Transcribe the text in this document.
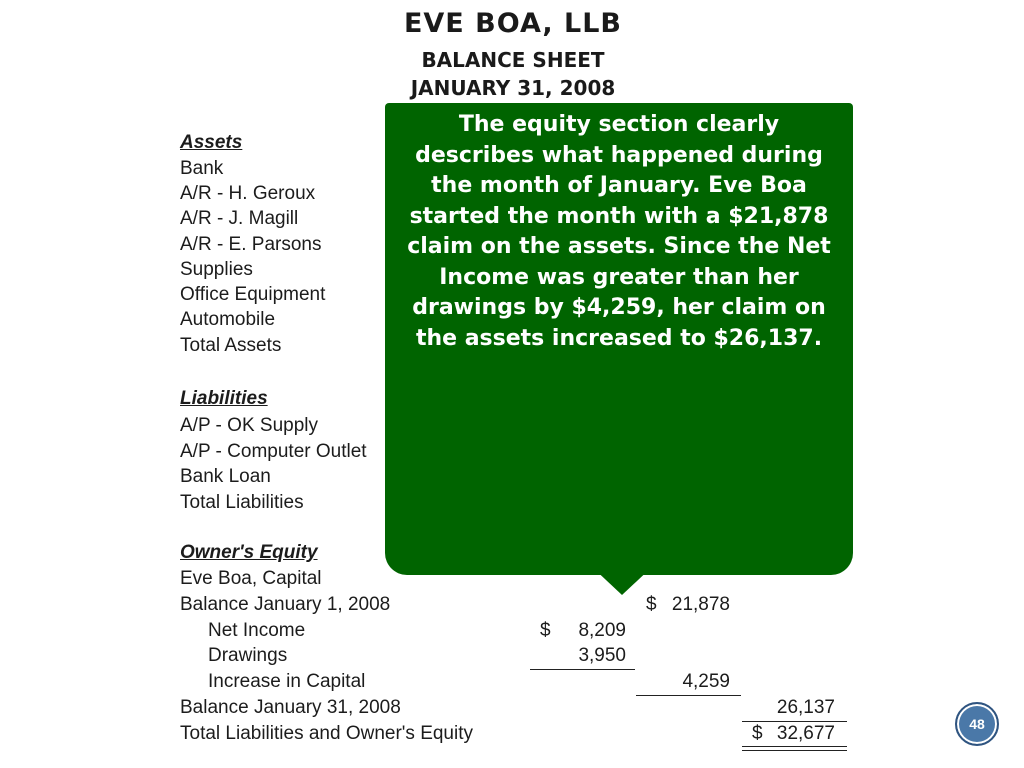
EVE BOA, LLB
BALANCE SHEET
JANUARY 31, 2008
Assets
Bank
A/R - H. Geroux
A/R - J. Magill
A/R - E. Parsons
Supplies
Office Equipment
Automobile
Total Assets
Liabilities
A/P - OK Supply
A/P - Computer Outlet
Bank Loan
Total Liabilities
Owner's Equity
Eve Boa, Capital
Balance January 1, 2008
Net Income
Drawings
Increase in Capital
Balance January 31, 2008
Total Liabilities and Owner's Equity
$ 21,878
$	8,209
3,950
4,259
26,137
$ 32,677
The equity section clearly describes what happened during the month of January. Eve Boa started the month with a $21,878 claim on the assets. Since the Net Income was greater than her drawings by $4,259, her claim on the assets increased to $26,137.
48
